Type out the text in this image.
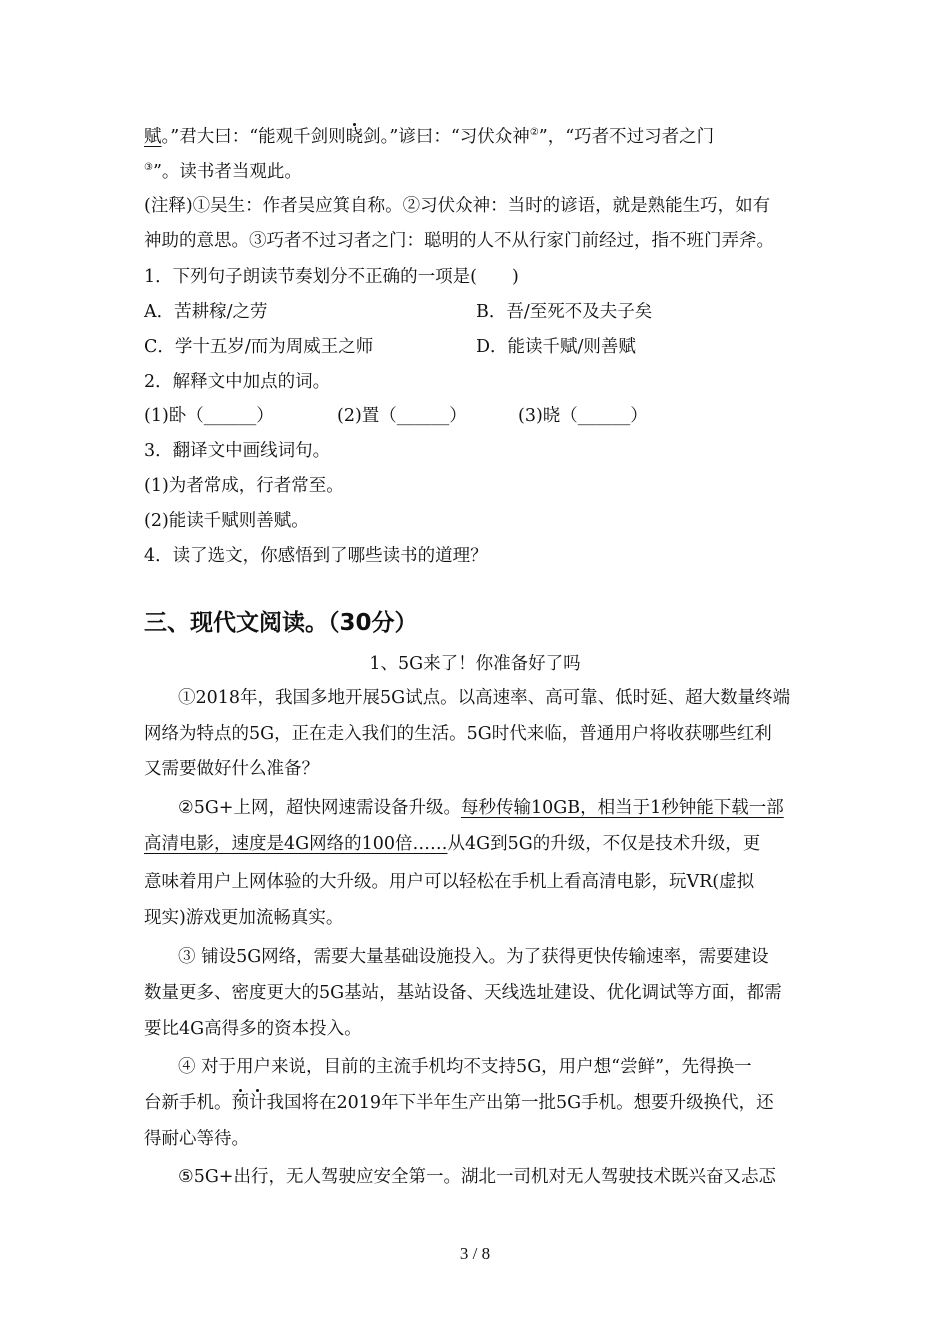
赋。”君大曰：“能观千剑则晓剑。”谚曰：“习伏众神②”，“巧者不过习者之门
③”。读书者当观此。
(注释)①吴生：作者吴应箕自称。②习伏众神：当时的谚语，就是熟能生巧，如有
神助的意思。③巧者不过习者之门：聪明的人不从行家门前经过，指不班门弄斧。
1．下列句子朗读节奏划分不正确的一项是(　　)
A．苦耕稼/之劳	B．吾/至死不及夫子矣
C．学十五岁/而为周威王之师	D．能读千赋/则善赋
2．解释文中加点的词。
(1)卧（______）	(2)置（______）	(3)晓（______）
3．翻译文中画线词句。
(1)为者常成，行者常至。
(2)能读千赋则善赋。
4．读了选文，你感悟到了哪些读书的道理？
三、现代文阅读。（30分）
1、5G来了！你准备好了吗
①2018年，我国多地开展5G试点。以高速率、高可靠、低时延、超大数量终端
网络为特点的5G，正在走入我们的生活。5G时代来临，普通用户将收获哪些红利
又需要做好什么准备？
②5G+上网，超快网速需设备升级。每秒传输10GB，相当于1秒钟能下载一部
高清电影，速度是4G网络的100倍……从4G到5G的升级，不仅是技术升级，更
意味着用户上网体验的大升级。用户可以轻松在手机上看高清电影，玩VR(虚拟
现实)游戏更加流畅真实。
③ 铺设5G网络，需要大量基础设施投入。为了获得更快传输速率，需要建设
数量更多、密度更大的5G基站，基站设备、天线选址建设、优化调试等方面，都需
要比4G高得多的资本投入。
④ 对于用户来说，目前的主流手机均不支持5G，用户想“尝鲜”，先得换一
台新手机。预计我国将在2019年下半年生产出第一批5G手机。想要升级换代，还
得耐心等待。
⑤5G+出行，无人驾驶应安全第一。湖北一司机对无人驾驶技术既兴奋又忐忑
3 / 8
